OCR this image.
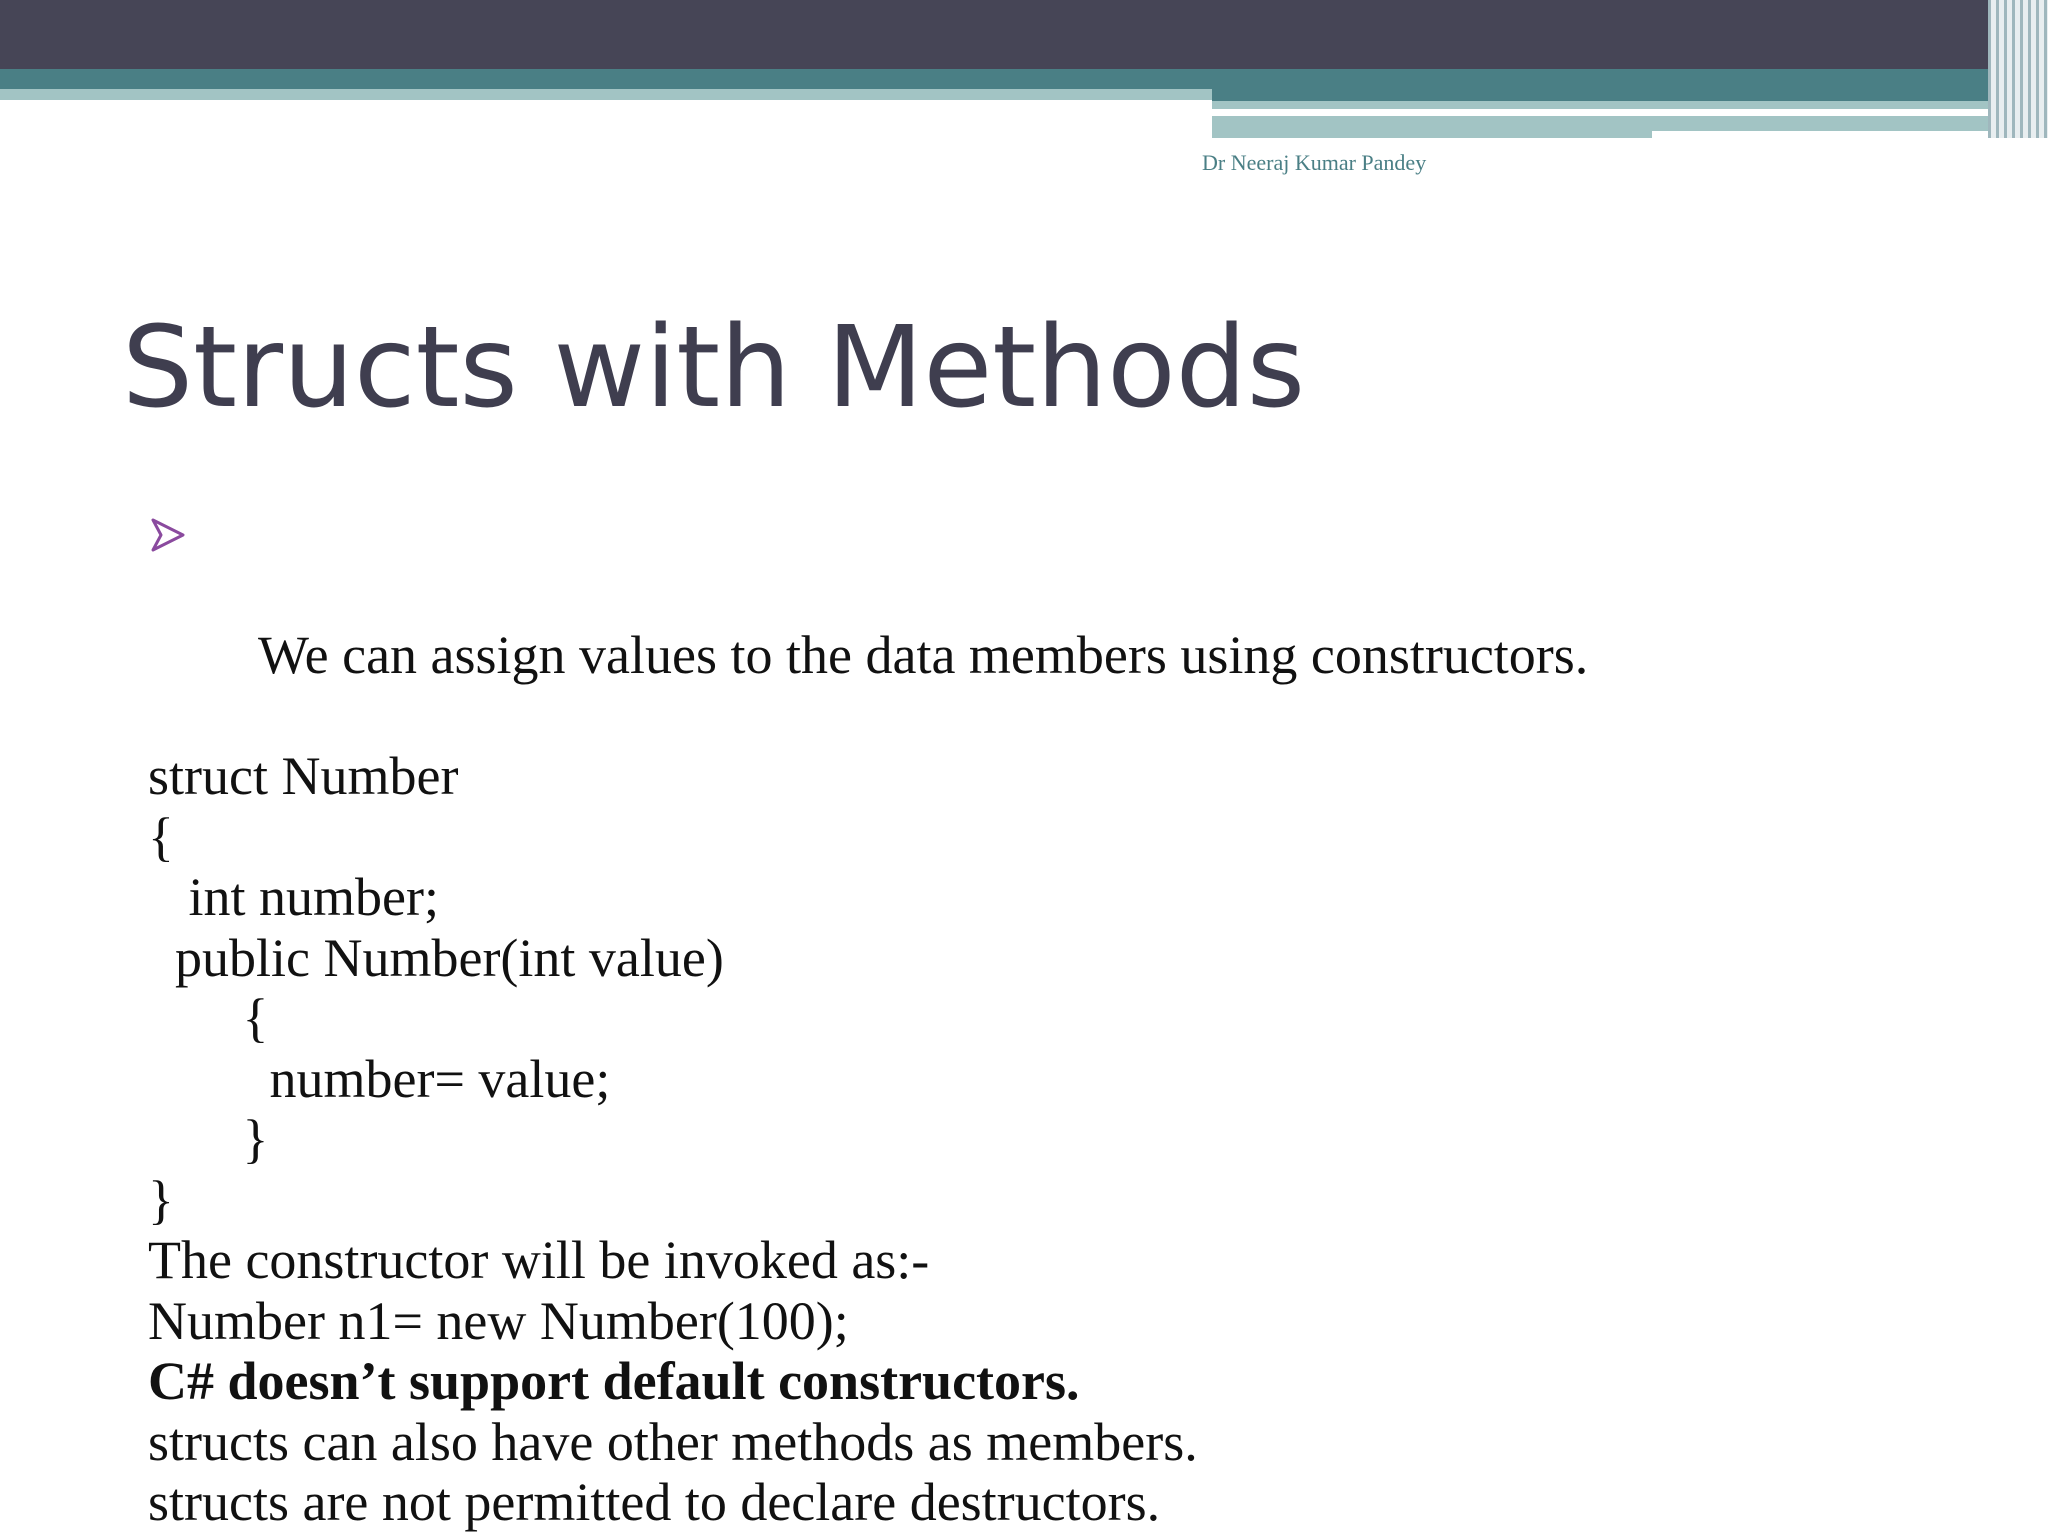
Dr Neeraj Kumar Pandey
Structs with Methods

We can assign values to the data members using constructors.

struct Number
{
int number;
public Number(int value)
{
number= value;
}
}
The constructor will be invoked as:-
Number n1= new Number(100);
C# doesn’t support default constructors.
structs can also have other methods as members.
structs are not permitted to declare destructors.
